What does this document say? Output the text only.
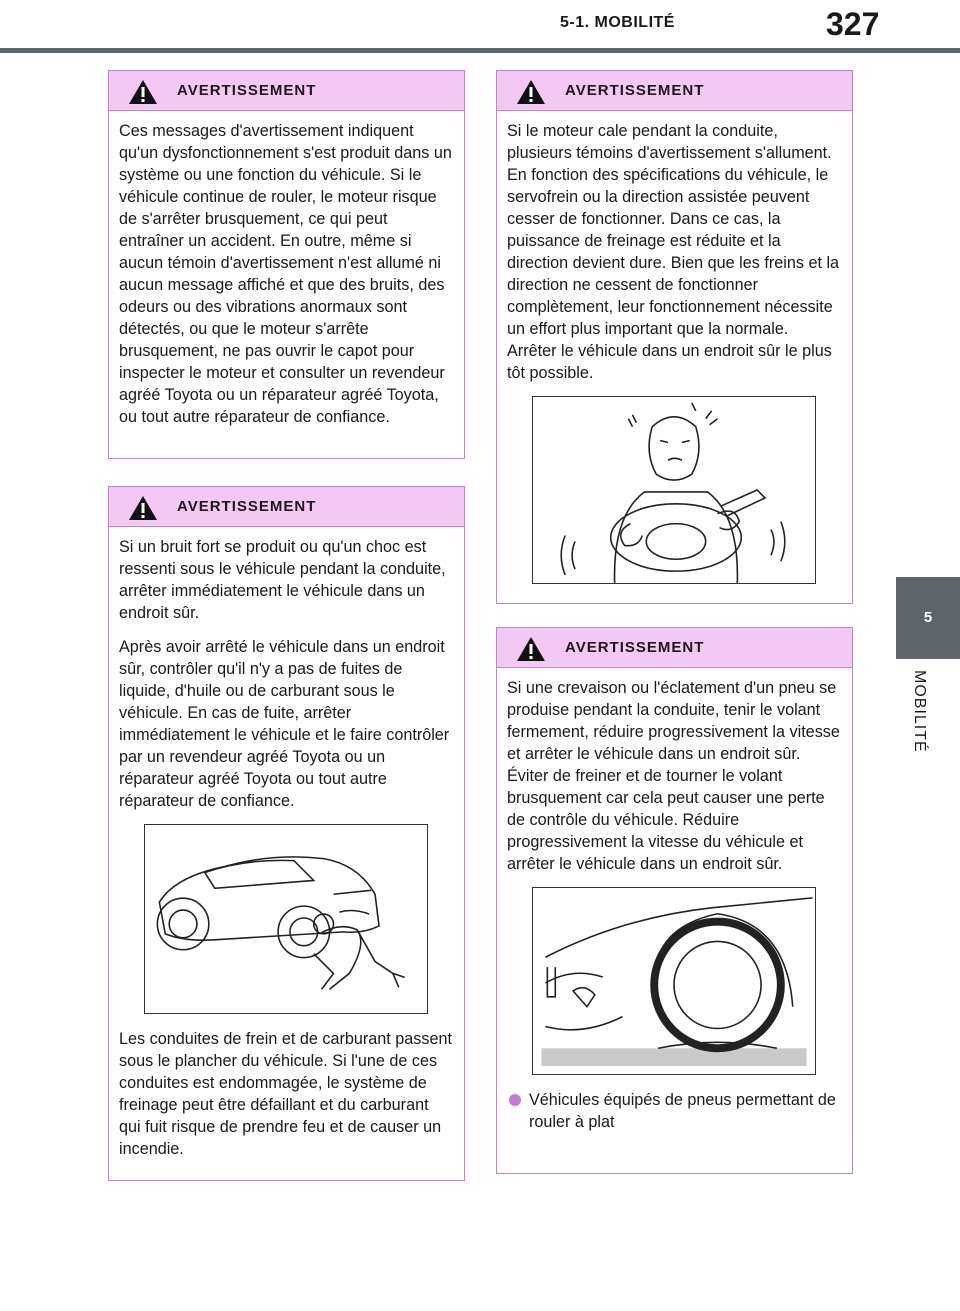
5-1. MOBILITÉ	327
5
MOBILITÉ
AVERTISSEMENT

Ces messages d'avertissement indiquent qu'un dysfonctionnement s'est produit dans un système ou une fonction du véhicule. Si le véhicule continue de rouler, le moteur risque de s'arrêter brusquement, ce qui peut entraîner un accident. En outre, même si aucun témoin d'avertissement n'est allumé ni aucun message affiché et que des bruits, des odeurs ou des vibrations anormaux sont détectés, ou que le moteur s'arrête brusquement, ne pas ouvrir le capot pour inspecter le moteur et consulter un revendeur agréé Toyota ou un réparateur agréé Toyota, ou tout autre réparateur de confiance.

AVERTISSEMENT

Si un bruit fort se produit ou qu'un choc est ressenti sous le véhicule pendant la conduite, arrêter immédiatement le véhicule dans un endroit sûr.

Après avoir arrêté le véhicule dans un endroit sûr, contrôler qu'il n'y a pas de fuites de liquide, d'huile ou de carburant sous le véhicule. En cas de fuite, arrêter immédiatement le véhicule et le faire contrôler par un revendeur agréé Toyota ou un réparateur agréé Toyota ou tout autre réparateur de confiance.

Les conduites de frein et de carburant passent sous le plancher du véhicule. Si l'une de ces conduites est endommagée, le système de freinage peut être défaillant et du carburant qui fuit risque de prendre feu et de causer un incendie.

AVERTISSEMENT

Si le moteur cale pendant la conduite, plusieurs témoins d'avertissement s'allument. En fonction des spécifications du véhicule, le servofrein ou la direction assistée peuvent cesser de fonctionner. Dans ce cas, la puissance de freinage est réduite et la direction devient dure. Bien que les freins et la direction ne cessent de fonctionner complètement, leur fonctionnement nécessite un effort plus important que la normale. Arrêter le véhicule dans un endroit sûr le plus tôt possible.

AVERTISSEMENT

Si une crevaison ou l'éclatement d'un pneu se produise pendant la conduite, tenir le volant fermement, réduire progressivement la vitesse et arrêter le véhicule dans un endroit sûr. Éviter de freiner et de tourner le volant brusquement car cela peut causer une perte de contrôle du véhicule. Réduire progressivement la vitesse du véhicule et arrêter le véhicule dans un endroit sûr.

Véhicules équipés de pneus permettant de rouler à plat
